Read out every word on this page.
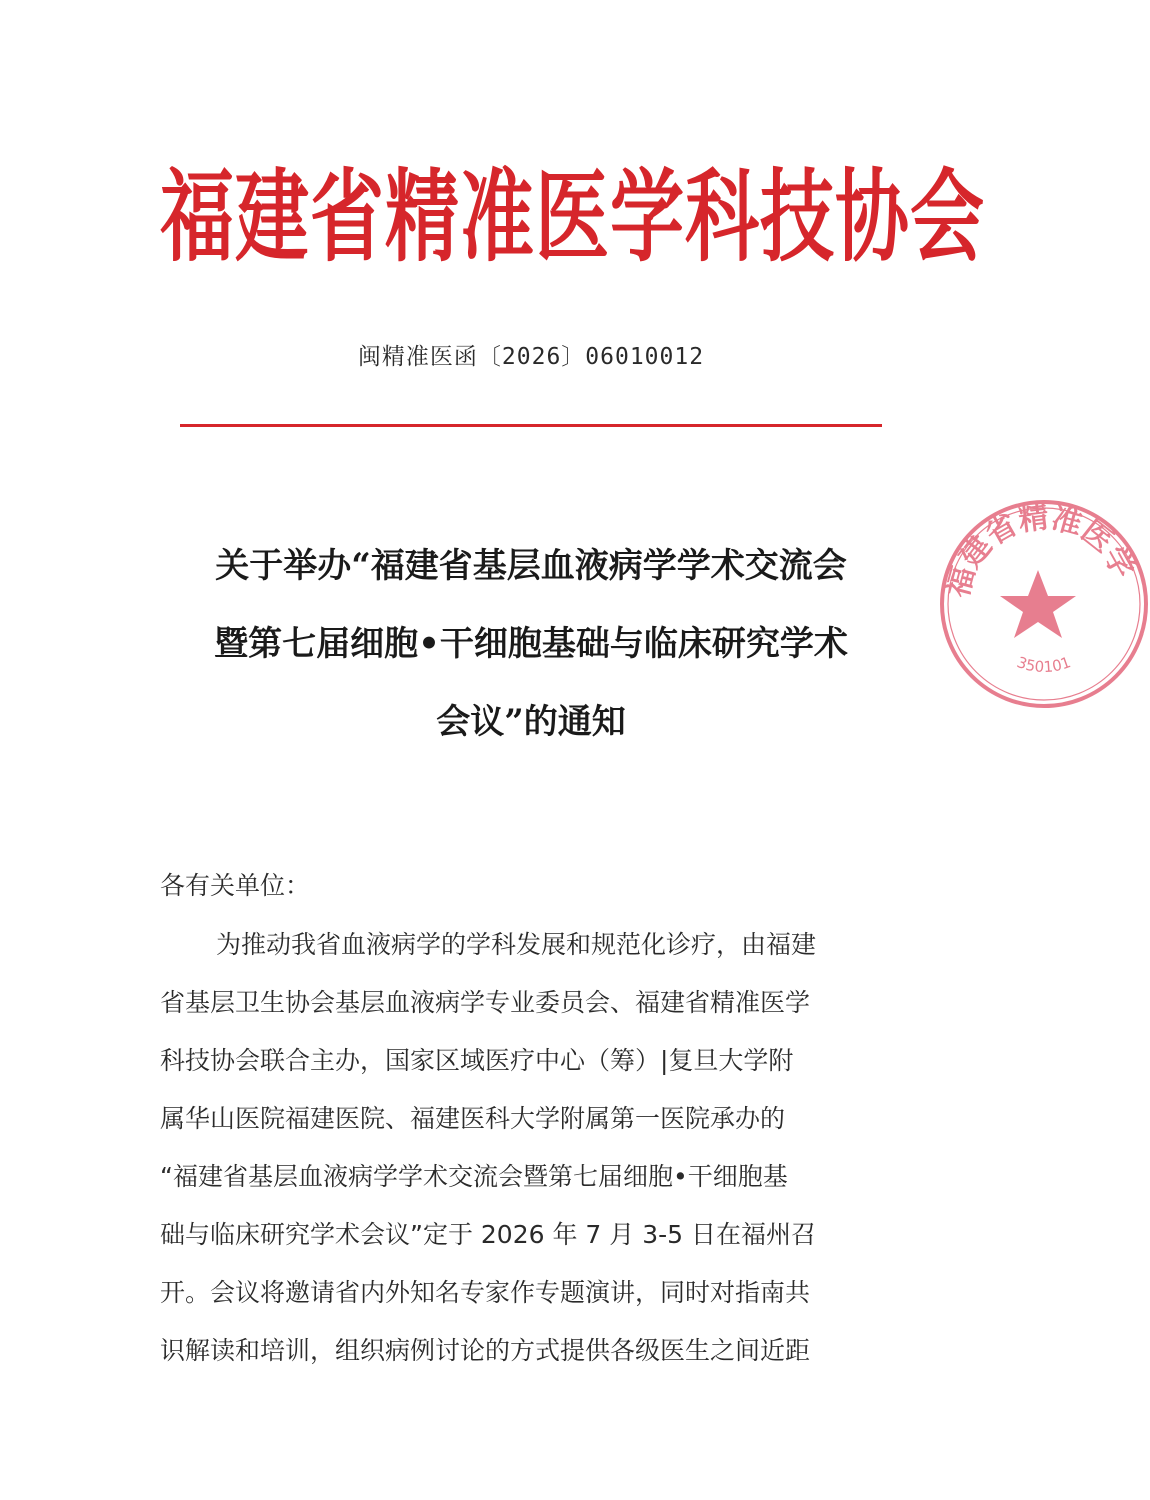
福建省精准医学科技协会
闽精准医函〔2026〕06010012
关于举办“福建省基层血液病学学术交流会
暨第七届细胞•干细胞基础与临床研究学术
会议”的通知
各有关单位：
为推动我省血液病学的学科发展和规范化诊疗，由福建
省基层卫生协会基层血液病学专业委员会、福建省精准医学
科技协会联合主办，国家区域医疗中心（筹）|复旦大学附
属华山医院福建医院、福建医科大学附属第一医院承办的
“福建省基层血液病学学术交流会暨第七届细胞•干细胞基
础与临床研究学术会议”定于 2026 年 7 月 3-5 日在福州召
开。会议将邀请省内外知名专家作专题演讲，同时对指南共
识解读和培训，组织病例讨论的方式提供各级医生之间近距
福建省精准医学
350101
